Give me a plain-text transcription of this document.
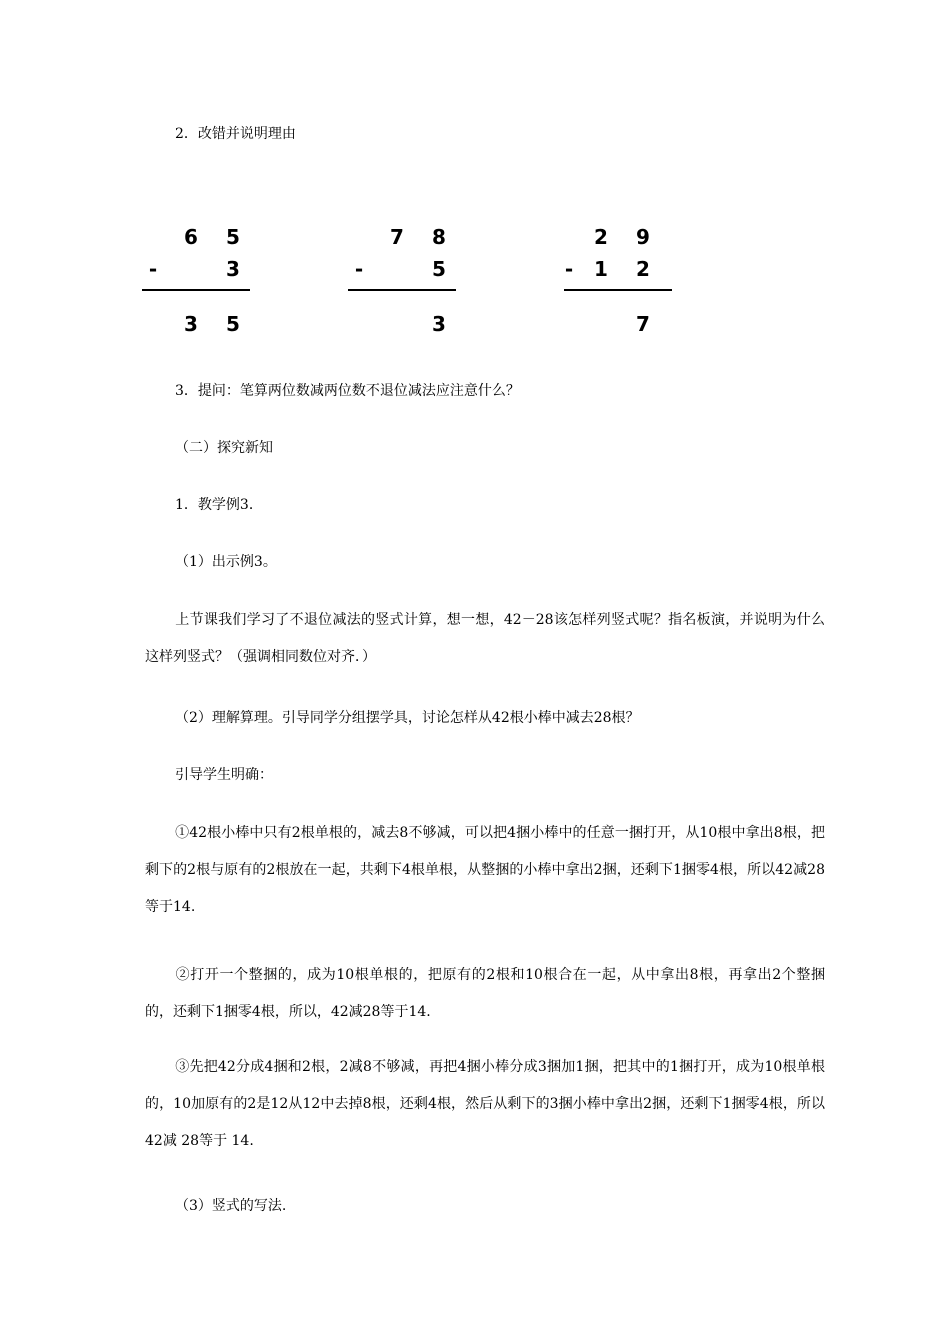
2．改错并说明理由
6 5
-	3
3 5
7 8
-	5
3
2 9
-	1 2
7
3．提问：笔算两位数减两位数不退位减法应注意什么？
（二）探究新知
1．教学例3．
（1）出示例3。
上节课我们学习了不退位减法的竖式计算，想一想，42－28该怎样列竖式呢？指名板演，并说明为什么这样列竖式？（强调相同数位对齐．）
（2）理解算理。引导同学分组摆学具，讨论怎样从42根小棒中减去28根？
引导学生明确：
①42根小棒中只有2根单根的，减去8不够减，可以把4捆小棒中的任意一捆打开，从10根中拿出8根，把剩下的2根与原有的2根放在一起，共剩下4根单根，从整捆的小棒中拿出2捆，还剩下1捆零4根，所以42减28等于14.
②打开一个整捆的，成为10根单根的，把原有的2根和10根合在一起，从中拿出8根，再拿出2个整捆的，还剩下1捆零4根，所以，42减28等于14.
③先把42分成4捆和2根，2减8不够减，再把4捆小棒分成3捆加1捆，把其中的1捆打开，成为10根单根的，10加原有的2是12从12中去掉8根，还剩4根，然后从剩下的3捆小棒中拿出2捆，还剩下1捆零4根，所以 42减 28等于 14.
（3）竖式的写法.
